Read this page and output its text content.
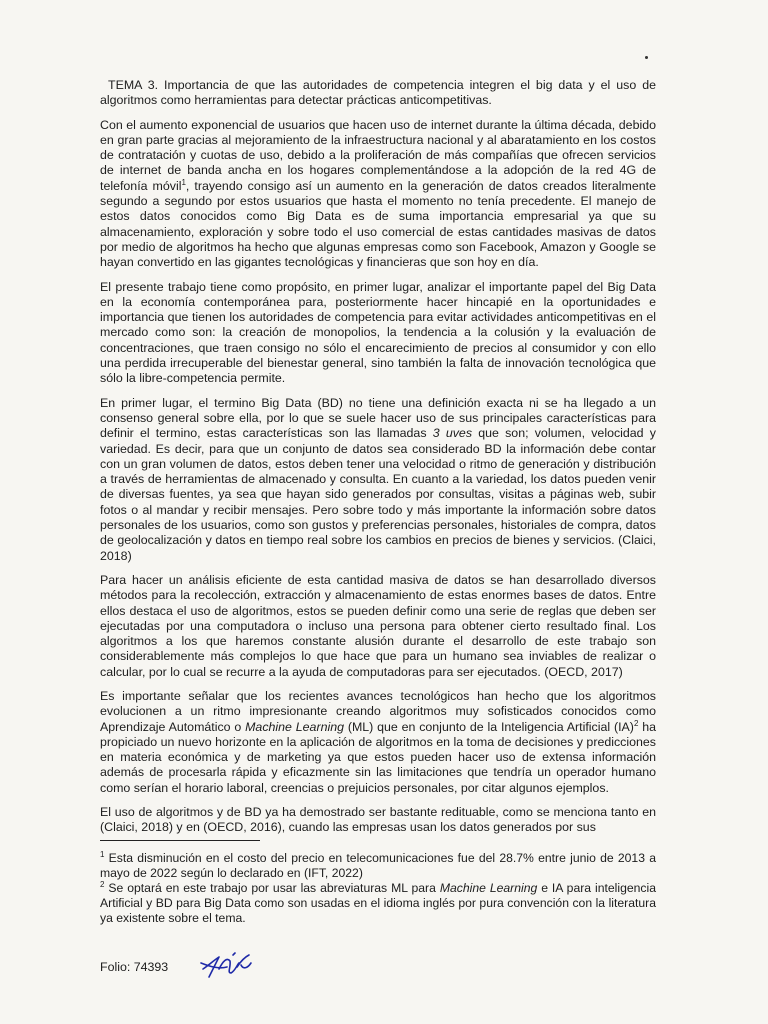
TEMA 3. Importancia de que las autoridades de competencia integren el big data y el uso de algoritmos como herramientas para detectar prácticas anticompetitivas.

Con el aumento exponencial de usuarios que hacen uso de internet durante la última década, debido en gran parte gracias al mejoramiento de la infraestructura nacional y al abaratamiento en los costos de contratación y cuotas de uso, debido a la proliferación de más compañías que ofrecen servicios de internet de banda ancha en los hogares complementándose a la adopción de la red 4G de telefonía móvil$^1$, trayendo consigo así un aumento en la generación de datos creados literalmente segundo a segundo por estos usuarios que hasta el momento no tenía precedente. El manejo de estos datos conocidos como Big Data es de suma importancia empresarial ya que su almacenamiento, exploración y sobre todo el uso comercial de estas cantidades masivas de datos por medio de algoritmos ha hecho que algunas empresas como son Facebook, Amazon y Google se hayan convertido en las gigantes tecnológicas y financieras que son hoy en día.

El presente trabajo tiene como propósito, en primer lugar, analizar el importante papel del Big Data en la economía contemporánea para, posteriormente hacer hincapié en la oportunidades e importancia que tienen los autoridades de competencia para evitar actividades anticompetitivas en el mercado como son: la creación de monopolios, la tendencia a la colusión y la evaluación de concentraciones, que traen consigo no sólo el encarecimiento de precios al consumidor y con ello una perdida irrecuperable del bienestar general, sino también la falta de innovación tecnológica que sólo la libre-competencia permite.

En primer lugar, el termino Big Data (BD) no tiene una definición exacta ni se ha llegado a un consenso general sobre ella, por lo que se suele hacer uso de sus principales características para definir el termino, estas características son las llamadas 3 uves que son; volumen, velocidad y variedad. Es decir, para que un conjunto de datos sea considerado BD la información debe contar con un gran volumen de datos, estos deben tener una velocidad o ritmo de generación y distribución a través de herramientas de almacenado y consulta. En cuanto a la variedad, los datos pueden venir de diversas fuentes, ya sea que hayan sido generados por consultas, visitas a páginas web, subir fotos o al mandar y recibir mensajes. Pero sobre todo y más importante la información sobre datos personales de los usuarios, como son gustos y preferencias personales, historiales de compra, datos de geolocalización y datos en tiempo real sobre los cambios en precios de bienes y servicios. (Claici, 2018)

Para hacer un análisis eficiente de esta cantidad masiva de datos se han desarrollado diversos métodos para la recolección, extracción y almacenamiento de estas enormes bases de datos. Entre ellos destaca el uso de algoritmos, estos se pueden definir como una serie de reglas que deben ser ejecutadas por una computadora o incluso una persona para obtener cierto resultado final. Los algoritmos a los que haremos constante alusión durante el desarrollo de este trabajo son considerablemente más complejos lo que hace que para un humano sea inviables de realizar o calcular, por lo cual se recurre a la ayuda de computadoras para ser ejecutados. (OECD, 2017)

Es importante señalar que los recientes avances tecnológicos han hecho que los algoritmos evolucionen a un ritmo impresionante creando algoritmos muy sofisticados conocidos como Aprendizaje Automático o Machine Learning (ML) que en conjunto de la Inteligencia Artificial (IA)$^2$ ha propiciado un nuevo horizonte en la aplicación de algoritmos en la toma de decisiones y predicciones en materia económica y de marketing ya que estos pueden hacer uso de extensa información además de procesarla rápida y eficazmente sin las limitaciones que tendría un operador humano como serían el horario laboral, creencias o prejuicios personales, por citar algunos ejemplos.

El uso de algoritmos y de BD ya ha demostrado ser bastante redituable, como se menciona tanto en (Claici, 2018) y en (OECD, 2016), cuando las empresas usan los datos generados por sus

$^1$ Esta disminución en el costo del precio en telecomunicaciones fue del 28.7% entre junio de 2013 a mayo de 2022 según lo declarado en (IFT, 2022)

$^2$ Se optará en este trabajo por usar las abreviaturas ML para Machine Learning e IA para inteligencia Artificial y BD para Big Data como son usadas en el idioma inglés por pura convención con la literatura ya existente sobre el tema.

Folio: 74393
